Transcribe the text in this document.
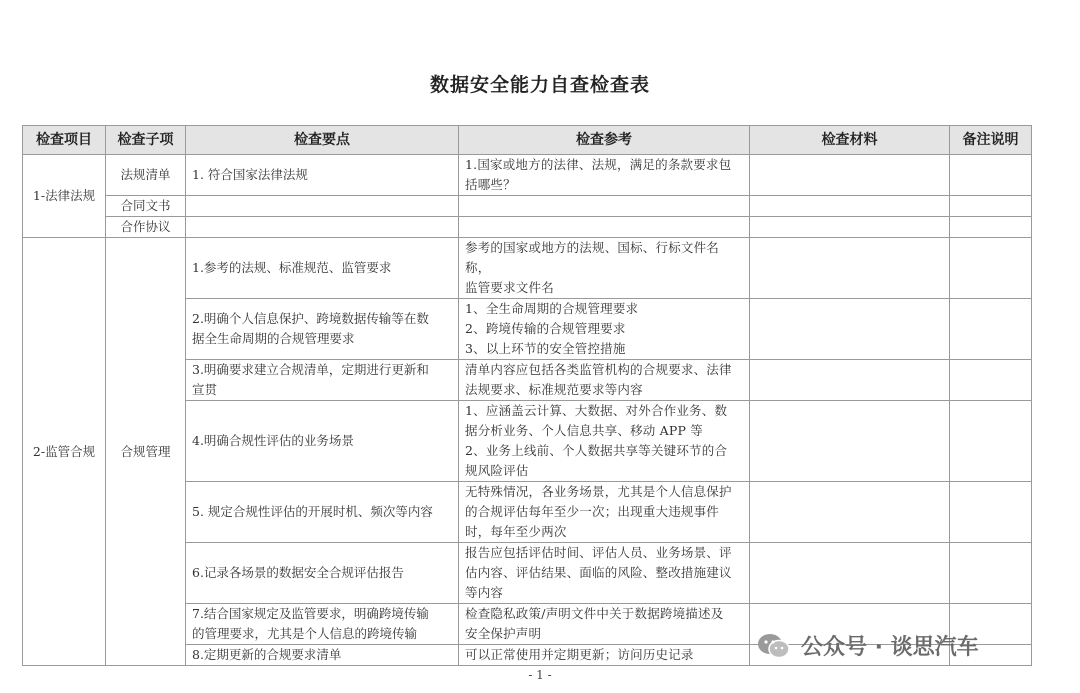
数据安全能力自查检查表
检查项目	检查子项	检查要点	检查参考	检查材料	备注说明
1-法律法规	法规清单	1. 符合国家法律法规	1.国家或地方的法律、法规，满足的条款要求包
括哪些？		

	合同文书				
	合作协议				
2-监管合规	合规管理	1.参考的法规、标准规范、监管要求	参考的国家或地方的法规、国标、行标文件名称，
监管要求文件名		

		2.明确个人信息保护、跨境数据传输等在数
据全生命周期的合规管理要求	1、全生命周期的合规管理要求
2、跨境传输的合规管理要求
3、以上环节的安全管控措施		

		3.明确要求建立合规清单，定期进行更新和
宣贯	清单内容应包括各类监管机构的合规要求、法律
法规要求、标准规范要求等内容		

		4.明确合规性评估的业务场景	1、应涵盖云计算、大数据、对外合作业务、数
据分析业务、个人信息共享、移动 APP 等
2、业务上线前、个人数据共享等关键环节的合
规风险评估		

		5. 规定合规性评估的开展时机、频次等内容	无特殊情况，各业务场景，尤其是个人信息保护
的合规评估每年至少一次；出现重大违规事件
时，每年至少两次		

		6.记录各场景的数据安全合规评估报告	报告应包括评估时间、评估人员、业务场景、评
估内容、评估结果、面临的风险、整改措施建议
等内容		

		7.结合国家规定及监管要求，明确跨境传输
的管理要求，尤其是个人信息的跨境传输	检查隐私政策/声明文件中关于数据跨境描述及
安全保护声明		

		8.定期更新的合规要求清单	可以正常使用并定期更新；访问历史记录		
			公众号 · 谈思汽车
- 1 -
